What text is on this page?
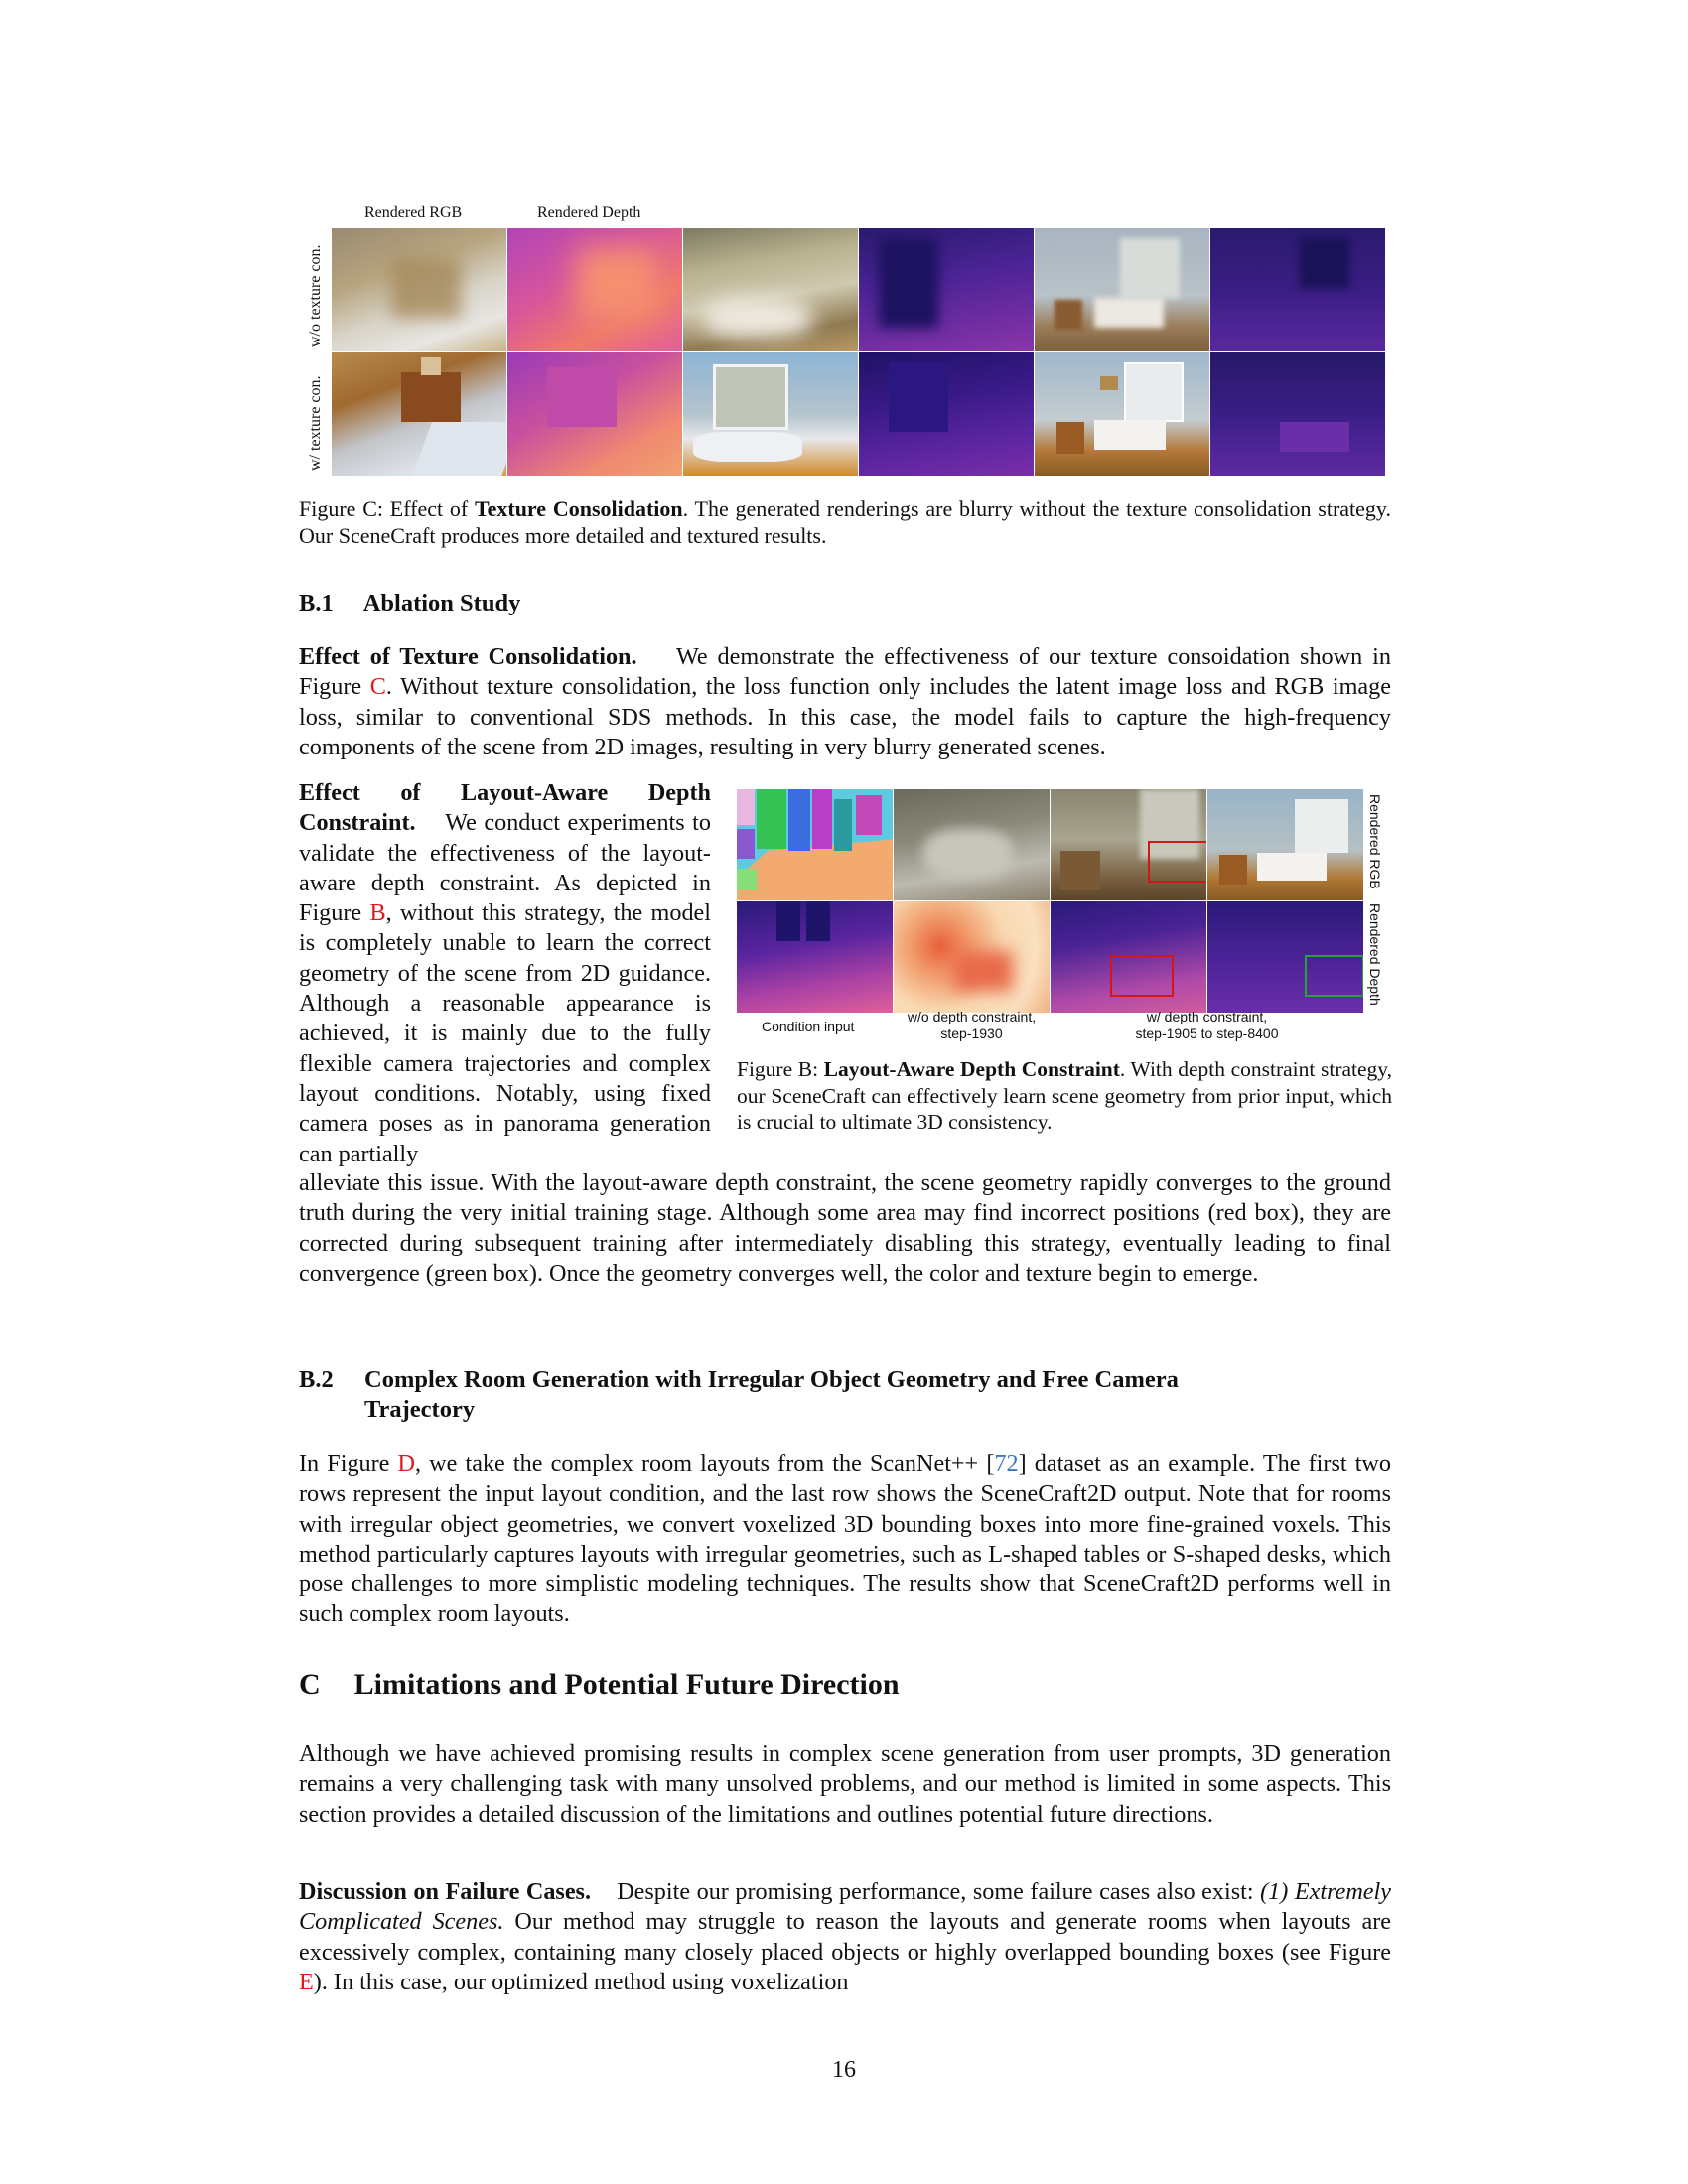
Rendered RGB	Rendered Depth
w/o texture con.
w/ texture con.

Figure C: Effect of Texture Consolidation. The generated renderings are blurry without the texture consolidation strategy. Our SceneCraft produces more detailed and textured results.

B.1 Ablation Study

Effect of Texture Consolidation. We demonstrate the effectiveness of our texture consoidation shown in Figure C. Without texture consolidation, the loss function only includes the latent image loss and RGB image loss, similar to conventional SDS methods. In this case, the model fails to capture the high-frequency components of the scene from 2D images, resulting in very blurry generated scenes.

Effect of Layout-Aware Depth Constraint. We conduct experiments to validate the effectiveness of the layout-aware depth constraint. As depicted in Figure B, without this strategy, the model is completely unable to learn the correct geometry of the scene from 2D guidance. Although a reasonable appearance is achieved, it is mainly due to the fully flexible camera trajectories and complex layout conditions. Notably, using fixed camera poses as in panorama generation can partially

Rendered RGB
Rendered Depth
Condition input
w/o depth constraint,
step-1930
w/ depth constraint,
step-1905 to step-8400

Figure B: Layout-Aware Depth Constraint. With depth constraint strategy, our SceneCraft can effectively learn scene geometry from prior input, which is crucial to ultimate 3D consistency.

alleviate this issue. With the layout-aware depth constraint, the scene geometry rapidly converges to the ground truth during the very initial training stage. Although some area may find incorrect positions (red box), they are corrected during subsequent training after intermediately disabling this strategy, eventually leading to final convergence (green box). Once the geometry converges well, the color and texture begin to emerge.

B.2	Complex Room Generation with Irregular Object Geometry and Free Camera
Trajectory

In Figure D, we take the complex room layouts from the ScanNet++ [72] dataset as an example. The first two rows represent the input layout condition, and the last row shows the SceneCraft2D output. Note that for rooms with irregular object geometries, we convert voxelized 3D bounding boxes into more fine-grained voxels. This method particularly captures layouts with irregular geometries, such as L-shaped tables or S-shaped desks, which pose challenges to more simplistic modeling techniques. The results show that SceneCraft2D performs well in such complex room layouts.

C Limitations and Potential Future Direction

Although we have achieved promising results in complex scene generation from user prompts, 3D generation remains a very challenging task with many unsolved problems, and our method is limited in some aspects. This section provides a detailed discussion of the limitations and outlines potential future directions.

Discussion on Failure Cases. Despite our promising performance, some failure cases also exist: (1) Extremely Complicated Scenes. Our method may struggle to reason the layouts and generate rooms when layouts are excessively complex, containing many closely placed objects or highly overlapped bounding boxes (see Figure E). In this case, our optimized method using voxelization

16
